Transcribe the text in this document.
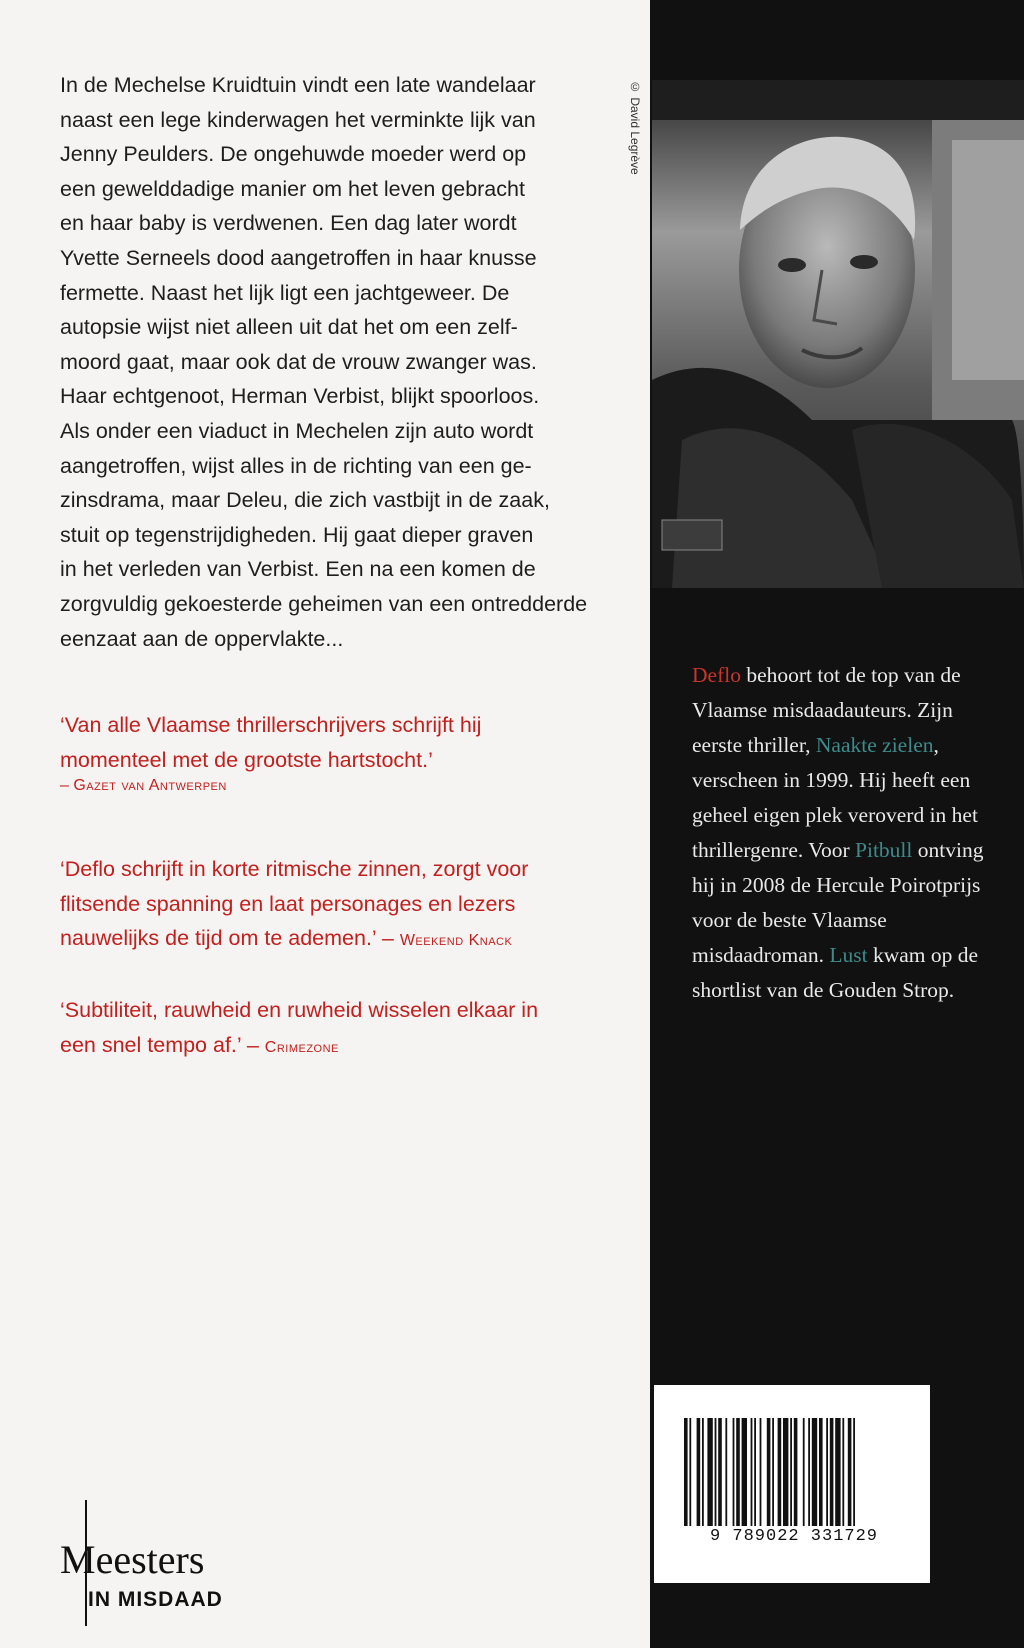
In de Mechelse Kruidtuin vindt een late wandelaar
naast een lege kinderwagen het verminkte lijk van
Jenny Peulders. De ongehuwde moeder werd op
een gewelddadige manier om het leven gebracht
en haar baby is verdwenen. Een dag later wordt
Yvette Serneels dood aangetroffen in haar knusse
fermette. Naast het lijk ligt een jachtgeweer. De
autopsie wijst niet alleen uit dat het om een zelf-
moord gaat, maar ook dat de vrouw zwanger was.
Haar echtgenoot, Herman Verbist, blijkt spoorloos.
Als onder een viaduct in Mechelen zijn auto wordt
aangetroffen, wijst alles in de richting van een ge-
zinsdrama, maar Deleu, die zich vastbijt in de zaak,
stuit op tegenstrijdigheden. Hij gaat dieper graven
in het verleden van Verbist. Een na een komen de
zorgvuldig gekoesterde geheimen van een ontredderde
eenzaat aan de oppervlakte...

‘Van alle Vlaamse thrillerschrijvers schrijft hij
momenteel met de grootste hartstocht.’

– Gazet van Antwerpen

‘Deflo schrijft in korte ritmische zinnen, zorgt voor
flitsende spanning en laat personages en lezers
nauwelijks de tijd om te ademen.’ – Weekend Knack

‘Subtiliteit, rauwheid en ruwheid wisselen elkaar in
een snel tempo af.’ – Crimezone

© David Legrève

Deflo behoort tot de top van de Vlaamse misdaadauteurs. Zijn eerste thriller, Naakte zielen, verscheen in 1999. Hij heeft een geheel eigen plek veroverd in het thrillergenre. Voor Pitbull ontving hij in 2008 de Hercule Poirotprijs voor de beste Vlaamse misdaadroman. Lust kwam op de shortlist van de Gouden Strop.

9 789022 331729
Meesters
IN MISDAAD
